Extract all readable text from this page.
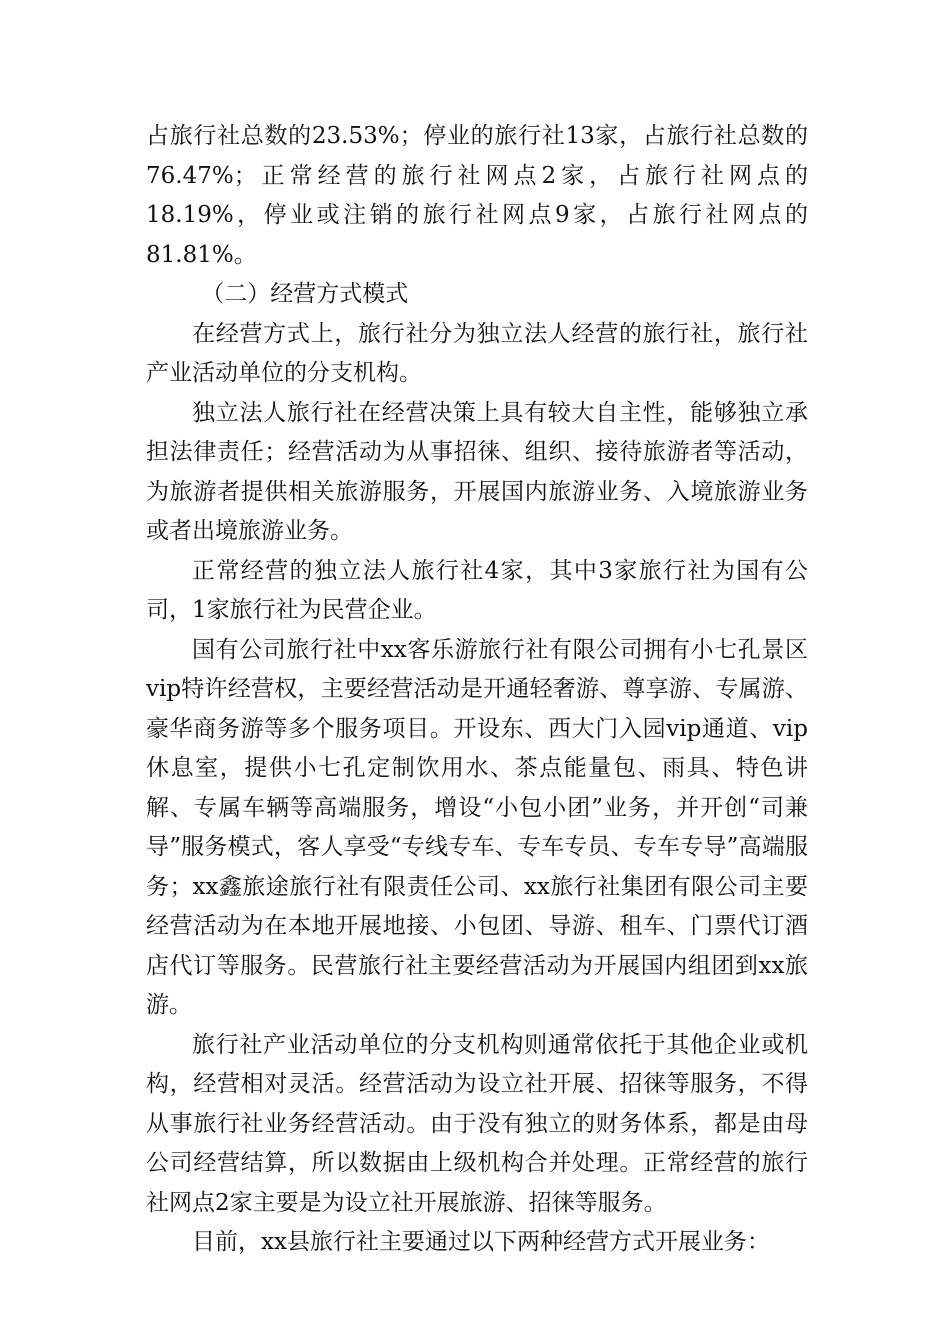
占旅行社总数的23.53%；停业的旅行社13家，占旅行社总数的76.47%；正常经营的旅行社网点2家，占旅行社网点的18.19%，停业或注销的旅行社网点9家，占旅行社网点的81.81%。

（二）经营方式模式

在经营方式上，旅行社分为独立法人经营的旅行社，旅行社产业活动单位的分支机构。

独立法人旅行社在经营决策上具有较大自主性，能够独立承担法律责任；经营活动为从事招徕、组织、接待旅游者等活动，为旅游者提供相关旅游服务，开展国内旅游业务、入境旅游业务或者出境旅游业务。

正常经营的独立法人旅行社4家，其中3家旅行社为国有公司，1家旅行社为民营企业。

国有公司旅行社中xx客乐游旅行社有限公司拥有小七孔景区vip特许经营权，主要经营活动是开通轻奢游、尊享游、专属游、豪华商务游等多个服务项目。开设东、西大门入园vip通道、vip休息室，提供小七孔定制饮用水、茶点能量包、雨具、特色讲解、专属车辆等高端服务，增设“小包小团”业务，并开创“司兼导”服务模式，客人享受“专线专车、专车专员、专车专导”高端服务；xx鑫旅途旅行社有限责任公司、xx旅行社集团有限公司主要经营活动为在本地开展地接、小包团、导游、租车、门票代订酒店代订等服务。民营旅行社主要经营活动为开展国内组团到xx旅游。

旅行社产业活动单位的分支机构则通常依托于其他企业或机构，经营相对灵活。经营活动为设立社开展、招徕等服务，不得从事旅行社业务经营活动。由于没有独立的财务体系，都是由母公司经营结算，所以数据由上级机构合并处理。正常经营的旅行社网点2家主要是为设立社开展旅游、招徕等服务。

目前，xx县旅行社主要通过以下两种经营方式开展业务：
